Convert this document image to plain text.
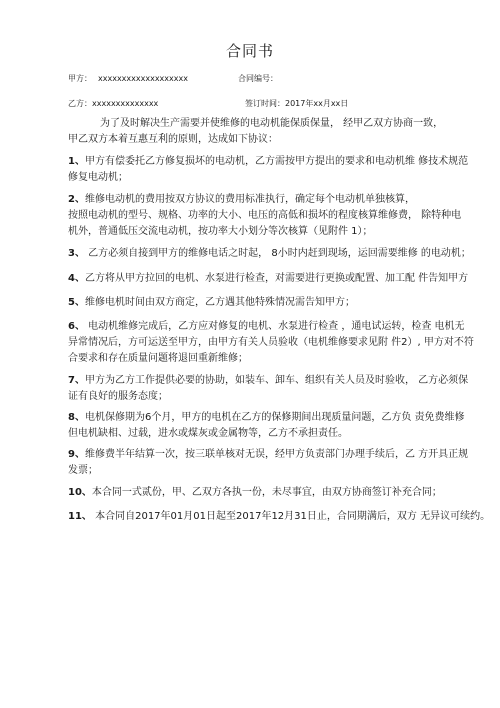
合同书
甲方： xxxxxxxxxxxxxxxxxxx	合同编号：
乙方： xxxxxxxxxxxxxx	签订时间： 2017年xx月xx日
为了及时解决生产需要并使维修的电动机能保质保量， 经甲乙双方协商一致，
甲乙双方本着互惠互利的原则，达成如下协议：
1、甲方有偿委托乙方修复损坏的电动机，乙方需按甲方提出的要求和电动机维 修技术规范
修复电动机；
2、维修电动机的费用按双方协议的费用标准执行，确定每个电动机单独核算，
按照电动机的型号、规格、功率的大小、电压的高低和损坏的程度核算维修费， 除特种电
机外，普通低压交流电动机，按功率大小划分等次核算（见附件 1）；
3、 乙方必须自接到甲方的维修电话之时起， 8小时内赶到现场，运回需要维修 的电动机；
4、乙方将从甲方拉回的电机、水泵进行检查，对需要进行更换或配置、加工配 件告知甲方
5、维修电机时间由双方商定，乙方遇其他特殊情况需告知甲方；
6、 电动机维修完成后，乙方应对修复的电机、水泵进行检查 ，通电试运转，检查 电机无
异常情况后，方可运送至甲方，由甲方有关人员验收（电机维修要求见附 件2）, 甲方对不符
合要求和存在质量问题将退回重新维修；
7、甲方为乙方工作提供必要的协助，如装车、卸车、组织有关人员及时验收， 乙方必须保
证有良好的服务态度；
8、电机保修期为6个月，甲方的电机在乙方的保修期间出现质量问题，乙方负 责免费维修
但电机缺相、过载，进水或煤灰或金属物等，乙方不承担责任。
9、维修费半年结算一次，按三联单核对无误，经甲方负责部门办理手续后，乙 方开具正规
发票；
10、本合同一式贰份，甲、乙双方各执一份，未尽事宜，由双方协商签订补充合同；
11、 本合同自2017年01月01日起至2017年12月31日止，合同期满后，双方 无异议可续约。
